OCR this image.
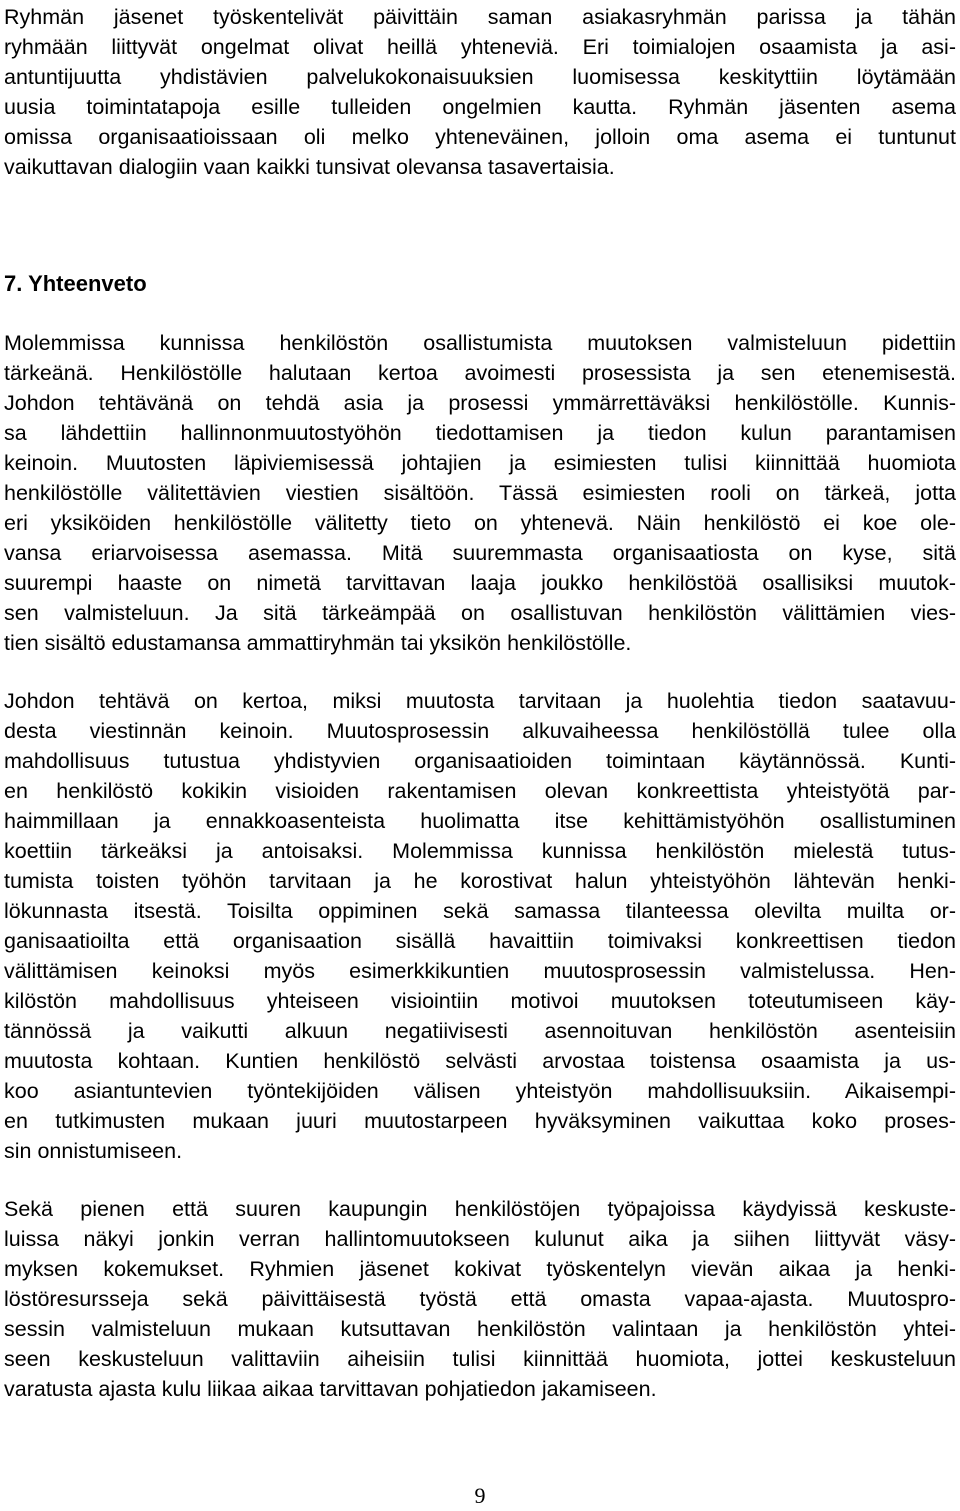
Ryhmän jäsenet työskentelivät päivittäin saman asiakasryhmän parissa ja tähän
ryhmään liittyvät ongelmat olivat heillä yhteneviä. Eri toimialojen osaamista ja asi-
antuntijuutta yhdistävien palvelukokonaisuuksien luomisessa keskityttiin löytämään
uusia toimintatapoja esille tulleiden ongelmien kautta. Ryhmän jäsenten asema
omissa organisaatioissaan oli melko yhteneväinen, jolloin oma asema ei tuntunut
vaikuttavan dialogiin vaan kaikki tunsivat olevansa tasavertaisia.
7. Yhteenveto
Molemmissa kunnissa henkilöstön osallistumista muutoksen valmisteluun pidettiin
tärkeänä. Henkilöstölle halutaan kertoa avoimesti prosessista ja sen etenemisestä.
Johdon tehtävänä on tehdä asia ja prosessi ymmärrettäväksi henkilöstölle. Kunnis-
sa lähdettiin hallinnonmuutostyöhön tiedottamisen ja tiedon kulun parantamisen
keinoin. Muutosten läpiviemisessä johtajien ja esimiesten tulisi kiinnittää huomiota
henkilöstölle välitettävien viestien sisältöön. Tässä esimiesten rooli on tärkeä, jotta
eri yksiköiden henkilöstölle välitetty tieto on yhtenevä. Näin henkilöstö ei koe ole-
vansa eriarvoisessa asemassa. Mitä suuremmasta organisaatiosta on kyse, sitä
suurempi haaste on nimetä tarvittavan laaja joukko henkilöstöä osallisiksi muutok-
sen valmisteluun. Ja sitä tärkeämpää on osallistuvan henkilöstön välittämien vies-
tien sisältö edustamansa ammattiryhmän tai yksikön henkilöstölle.
Johdon tehtävä on kertoa, miksi muutosta tarvitaan ja huolehtia tiedon saatavuu-
desta viestinnän keinoin. Muutosprosessin alkuvaiheessa henkilöstöllä tulee olla
mahdollisuus tutustua yhdistyvien organisaatioiden toimintaan käytännössä. Kunti-
en henkilöstö kokikin visioiden rakentamisen olevan konkreettista yhteistyötä par-
haimmillaan ja ennakkoasenteista huolimatta itse kehittämistyöhön osallistuminen
koettiin tärkeäksi ja antoisaksi. Molemmissa kunnissa henkilöstön mielestä tutus-
tumista toisten työhön tarvitaan ja he korostivat halun yhteistyöhön lähtevän henki-
lökunnasta itsestä. Toisilta oppiminen sekä samassa tilanteessa olevilta muilta or-
ganisaatioilta että organisaation sisällä havaittiin toimivaksi konkreettisen tiedon
välittämisen keinoksi myös esimerkkikuntien muutosprosessin valmistelussa. Hen-
kilöstön mahdollisuus yhteiseen visiointiin motivoi muutoksen toteutumiseen käy-
tännössä ja vaikutti alkuun negatiivisesti asennoituvan henkilöstön asenteisiin
muutosta kohtaan. Kuntien henkilöstö selvästi arvostaa toistensa osaamista ja us-
koo asiantuntevien työntekijöiden välisen yhteistyön mahdollisuuksiin. Aikaisempi-
en tutkimusten mukaan juuri muutostarpeen hyväksyminen vaikuttaa koko proses-
sin onnistumiseen.
Sekä pienen että suuren kaupungin henkilöstöjen työpajoissa käydyissä keskuste-
luissa näkyi jonkin verran hallintomuutokseen kulunut aika ja siihen liittyvät väsy-
myksen kokemukset. Ryhmien jäsenet kokivat työskentelyn vievän aikaa ja henki-
löstöresursseja sekä päivittäisestä työstä että omasta vapaa-ajasta. Muutospro-
sessin valmisteluun mukaan kutsuttavan henkilöstön valintaan ja henkilöstön yhtei-
seen keskusteluun valittaviin aiheisiin tulisi kiinnittää huomiota, jottei keskusteluun
varatusta ajasta kulu liikaa aikaa tarvittavan pohjatiedon jakamiseen.
9
